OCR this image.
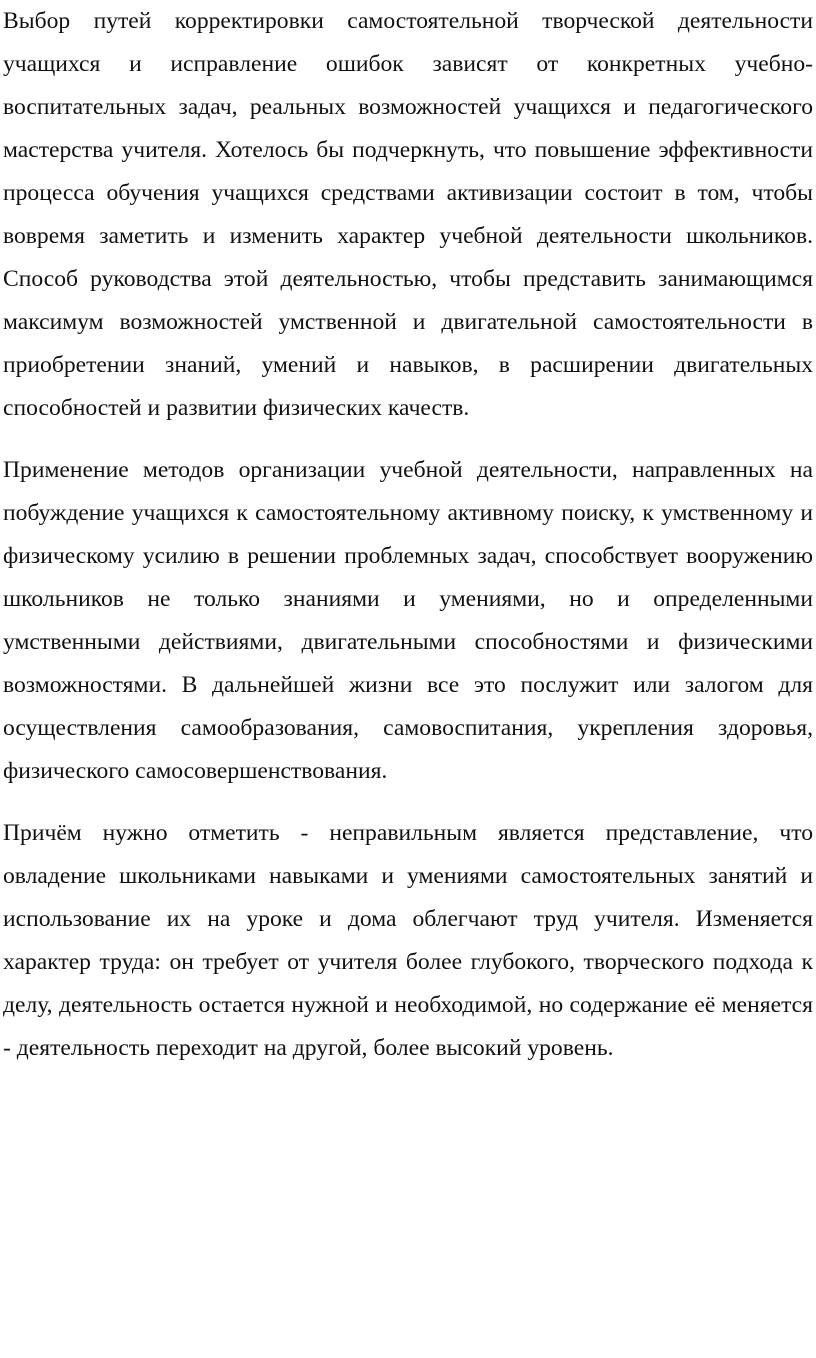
Выбор путей корректировки самостоятельной творческой деятельности учащихся и исправление ошибок зависят от конкретных учебно-воспитательных задач, реальных возможностей учащихся и педагогического мастерства учителя. Хотелось бы подчеркнуть, что повышение эффективности процесса обучения учащихся средствами активизации состоит в том, чтобы вовремя заметить и изменить характер учебной деятельности школьников. Способ руководства этой деятельностью, чтобы представить занимающимся максимум возможностей умственной и двигательной самостоятельности в приобретении знаний, умений и навыков, в расширении двигательных способностей и развитии физических качеств.

Применение методов организации учебной деятельности, направленных на побуждение учащихся к самостоятельному активному поиску, к умственному и физическому усилию в решении проблемных задач, способствует вооружению школьников не только знаниями и умениями, но и определенными умственными действиями, двигательными способностями и физическими возможностями. В дальнейшей жизни все это послужит или залогом для осуществления самообразования, самовоспитания, укрепления здоровья, физического самосовершенствования.

Причём нужно отметить - неправильным является представление, что овладение школьниками навыками и умениями самостоятельных занятий и использование их на уроке и дома облегчают труд учителя. Изменяется характер труда: он требует от учителя более глубокого, творческого подхода к делу, деятельность остается нужной и необходимой, но содержание её меняется - деятельность переходит на другой, более высокий уровень.
